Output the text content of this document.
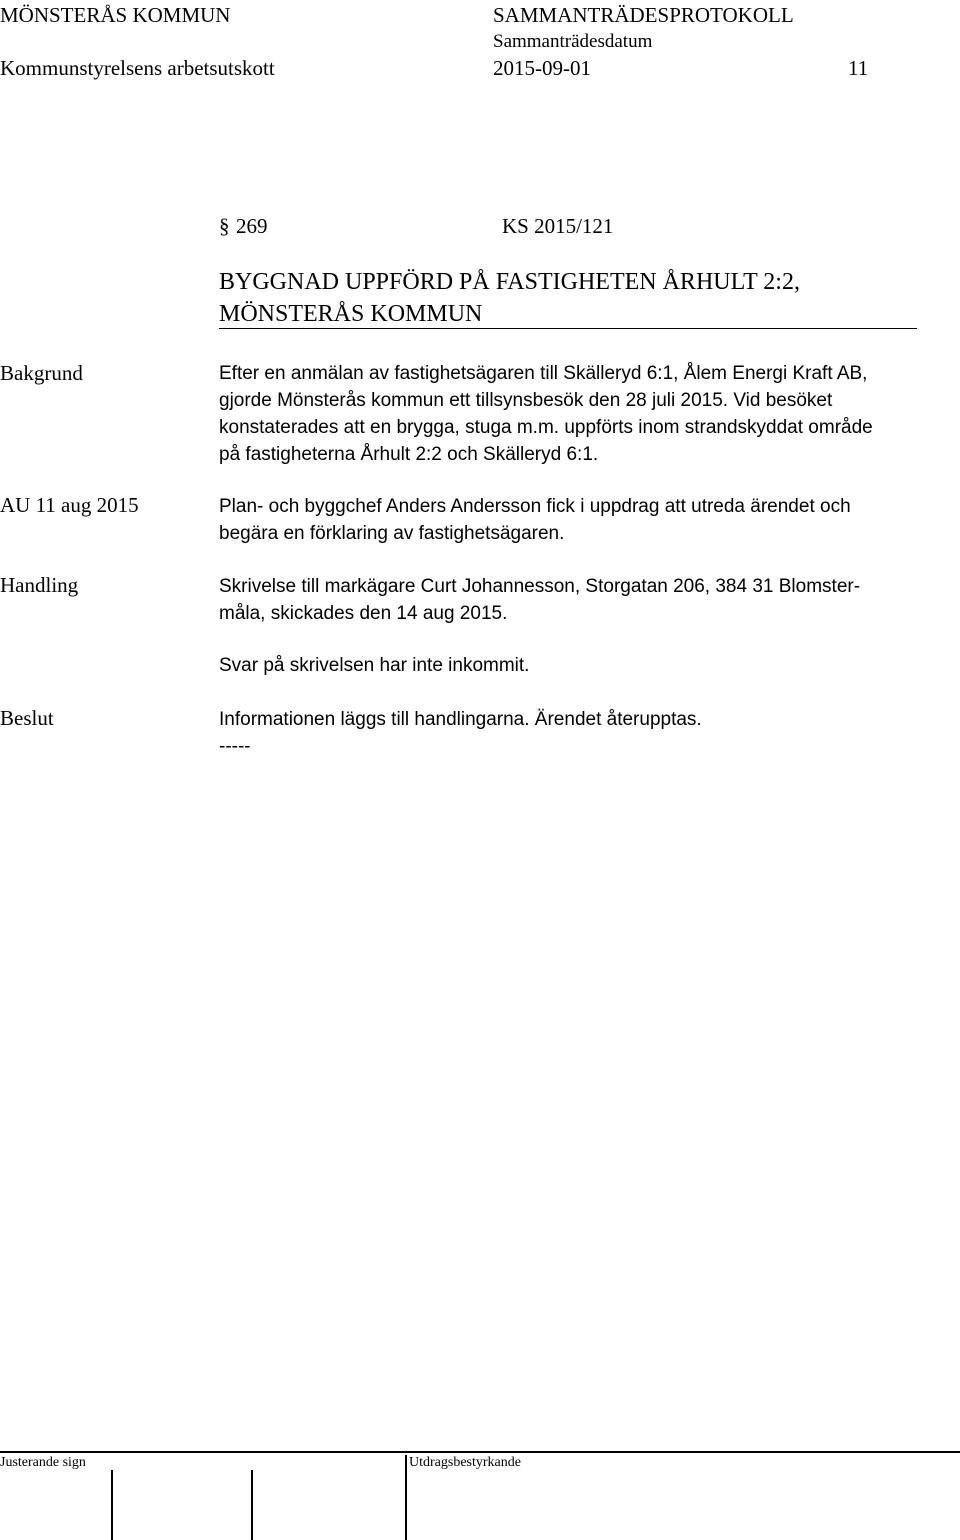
MÖNSTERÅS KOMMUN	SAMMANTRÄDESPROTOKOLL
Sammanträdesdatum
Kommunstyrelsens arbetsutskott	2015-09-01	11
§ 269	KS 2015/121
BYGGNAD UPPFÖRD PÅ FASTIGHETEN ÅRHULT 2:2,
MÖNSTERÅS KOMMUN
Bakgrund	Efter en anmälan av fastighetsägaren till Skälleryd 6:1, Ålem Energi Kraft AB,

gjorde Mönsterås kommun ett tillsynsbesök den 28 juli 2015. Vid besöket

konstaterades att en brygga, stuga m.m. uppförts inom strandskyddat område

på fastigheterna Århult 2:2 och Skälleryd 6:1.

AU 11 aug 2015	Plan- och byggchef Anders Andersson fick i uppdrag att utreda ärendet och

begära en förklaring av fastighetsägaren.

Handling	Skrivelse till markägare Curt Johannesson, Storgatan 206, 384 31 Blomster-

måla, skickades den 14 aug 2015.

Svar på skrivelsen har inte inkommit.

Beslut	Informationen läggs till handlingarna. Ärendet återupptas.

-----

Justerande sign	Utdragsbestyrkande
